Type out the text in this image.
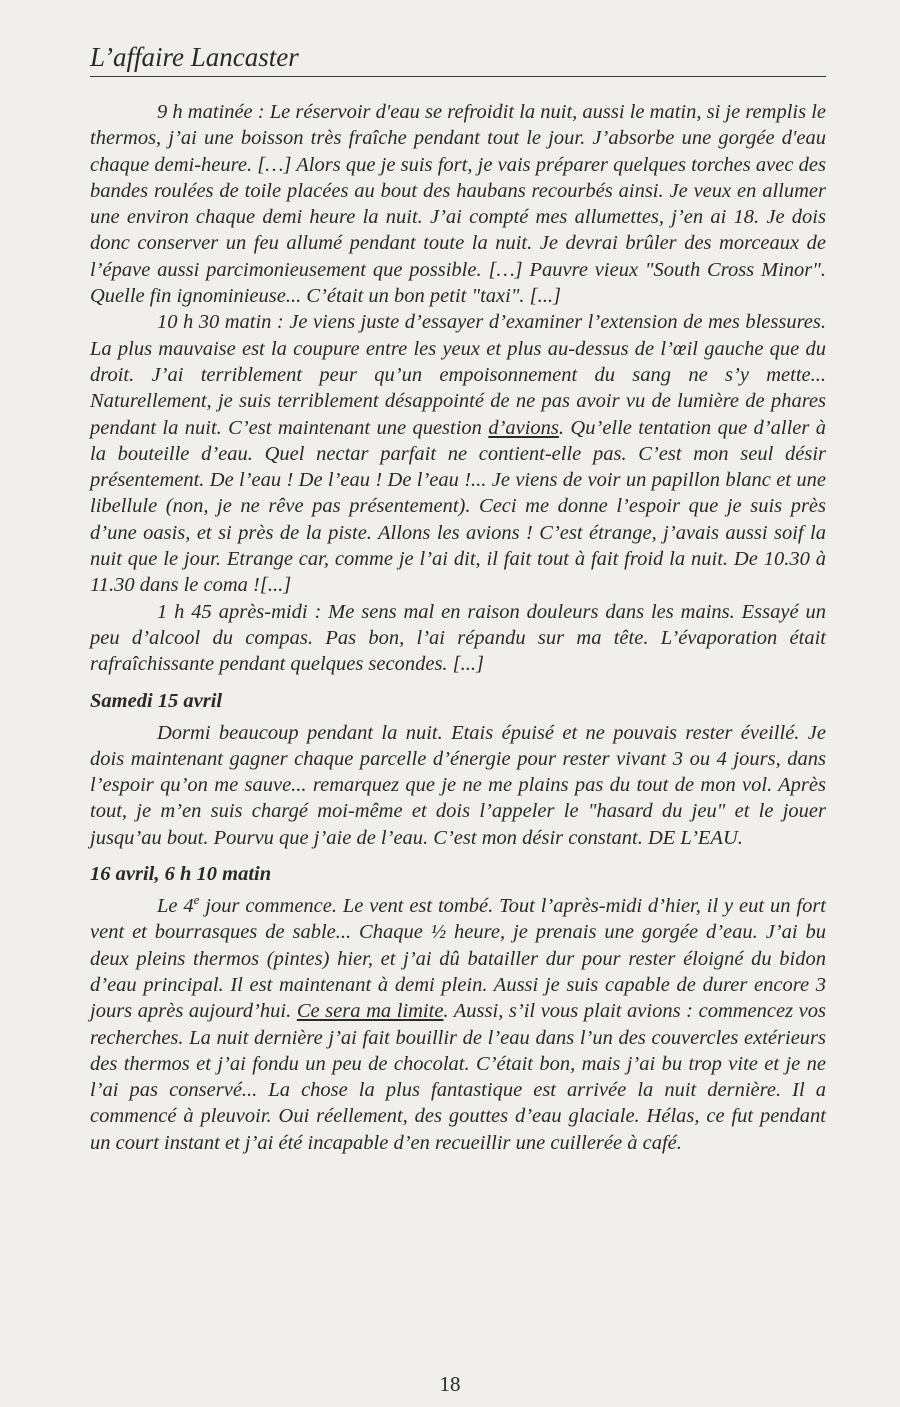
L’affaire Lancaster

9 h matinée : Le réservoir d'eau se refroidit la nuit, aussi le matin, si je remplis le thermos, j’ai une boisson très fraîche pendant tout le jour. J’absorbe une gorgée d'eau chaque demi-heure. […] Alors que je suis fort, je vais préparer quelques torches avec des bandes roulées de toile placées au bout des haubans recourbés ainsi. Je veux en allumer une environ chaque demi heure la nuit. J’ai compté mes allumettes, j’en ai 18. Je dois donc conserver un feu allumé pendant toute la nuit. Je devrai brûler des morceaux de l’épave aussi parcimonieusement que possible. […] Pauvre vieux "South Cross Minor". Quelle fin ignominieuse... C’était un bon petit "taxi". [...]

10 h 30 matin : Je viens juste d’essayer d’examiner l’extension de mes blessures. La plus mauvaise est la coupure entre les yeux et plus au-dessus de l’œil gauche que du droit. J’ai terriblement peur qu’un empoisonnement du sang ne s’y mette... Naturellement, je suis terriblement désappointé de ne pas avoir vu de lumière de phares pendant la nuit. C’est maintenant une question d’avions. Qu’elle tentation que d’aller à la bouteille d’eau. Quel nectar parfait ne contient-elle pas. C’est mon seul désir présentement. De l’eau ! De l’eau ! De l’eau !... Je viens de voir un papillon blanc et une libellule (non, je ne rêve pas présentement). Ceci me donne l’espoir que je suis près d’une oasis, et si près de la piste. Allons les avions ! C’est étrange, j’avais aussi soif la nuit que le jour. Etrange car, comme je l’ai dit, il fait tout à fait froid la nuit. De 10.30 à 11.30 dans le coma ![...]

1 h 45 après-midi : Me sens mal en raison douleurs dans les mains. Essayé un peu d’alcool du compas. Pas bon, l’ai répandu sur ma tête. L’évaporation était rafraîchissante pendant quelques secondes. [...]

Samedi 15 avril

Dormi beaucoup pendant la nuit. Etais épuisé et ne pouvais rester éveillé. Je dois maintenant gagner chaque parcelle d’énergie pour rester vivant 3 ou 4 jours, dans l’espoir qu’on me sauve... remarquez que je ne me plains pas du tout de mon vol. Après tout, je m’en suis chargé moi-même et dois l’appeler le "hasard du jeu" et le jouer jusqu’au bout. Pourvu que j’aie de l’eau. C’est mon désir constant. DE L’EAU.

16 avril, 6 h 10 matin

Le 4e jour commence. Le vent est tombé. Tout l’après-midi d’hier, il y eut un fort vent et bourrasques de sable... Chaque ½ heure, je prenais une gorgée d’eau. J’ai bu deux pleins thermos (pintes) hier, et j’ai dû batailler dur pour rester éloigné du bidon d’eau principal. Il est maintenant à demi plein. Aussi je suis capable de durer encore 3 jours après aujourd’hui. Ce sera ma limite. Aussi, s’il vous plait avions : commencez vos recherches. La nuit dernière j’ai fait bouillir de l’eau dans l’un des couvercles extérieurs des thermos et j’ai fondu un peu de chocolat. C’était bon, mais j’ai bu trop vite et je ne l’ai pas conservé... La chose la plus fantastique est arrivée la nuit dernière. Il a commencé à pleuvoir. Oui réellement, des gouttes d’eau glaciale. Hélas, ce fut pendant un court instant et j’ai été incapable d’en recueillir une cuillerée à café.

18
